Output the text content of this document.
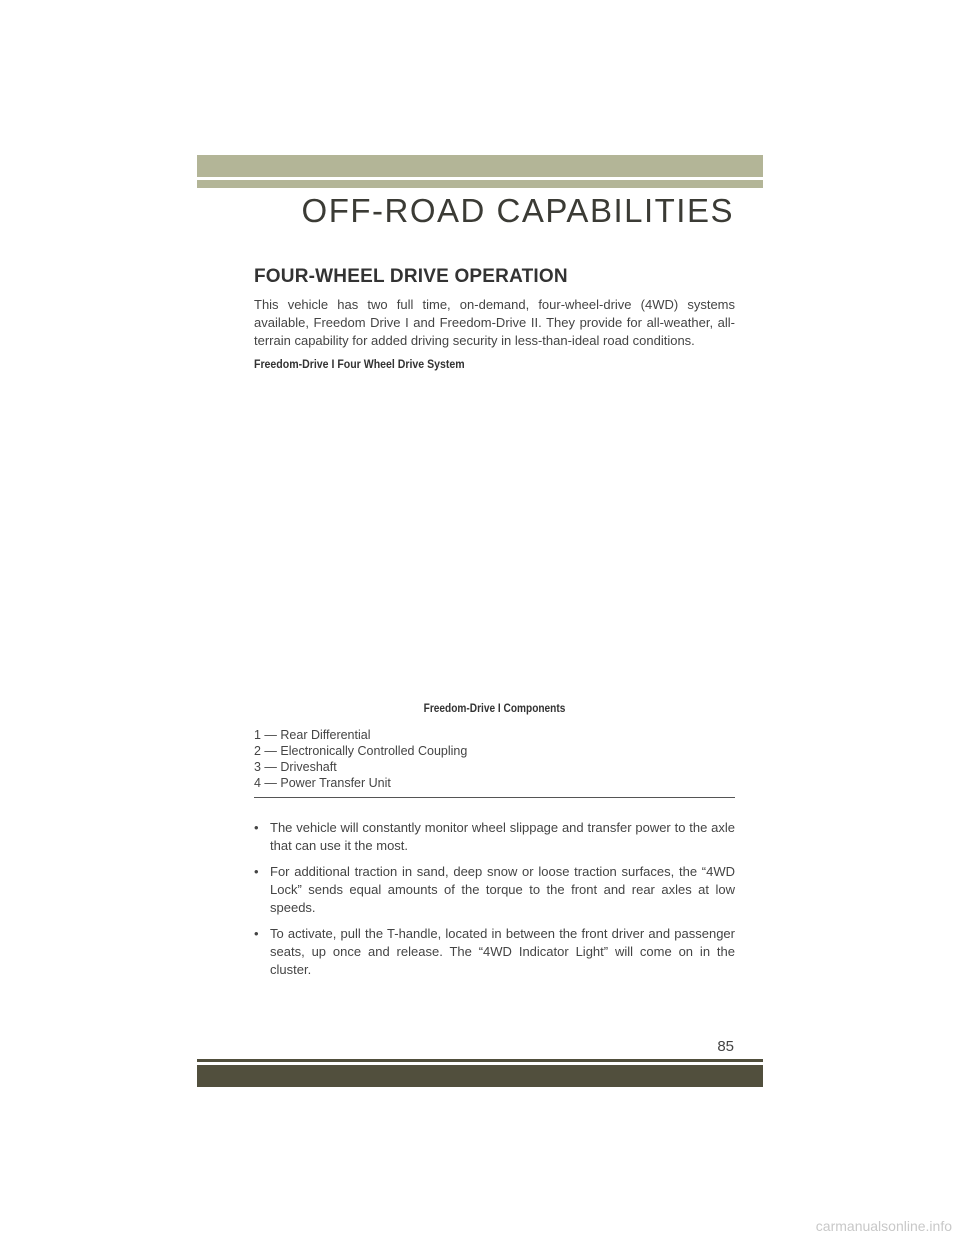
OFF-ROAD CAPABILITIES
FOUR-WHEEL DRIVE OPERATION

This vehicle has two full time, on-demand, four-wheel-drive (4WD) systems available, Freedom Drive I and Freedom-Drive II. They provide for all-weather, all-terrain capability for added driving security in less-than-ideal road conditions.

Freedom-Drive I Four Wheel Drive System
Freedom-Drive I Components
1 — Rear Differential
2 — Electronically Controlled Coupling
3 — Driveshaft
4 — Power Transfer Unit
• The vehicle will constantly monitor wheel slippage and transfer power to the axle that can use it the most.
• For additional traction in sand, deep snow or loose traction surfaces, the “4WD Lock” sends equal amounts of the torque to the front and rear axles at low speeds.
• To activate, pull the T-handle, located in between the front driver and passenger seats, up once and release. The “4WD Indicator Light” will come on in the cluster.
85
carmanualsonline.info
